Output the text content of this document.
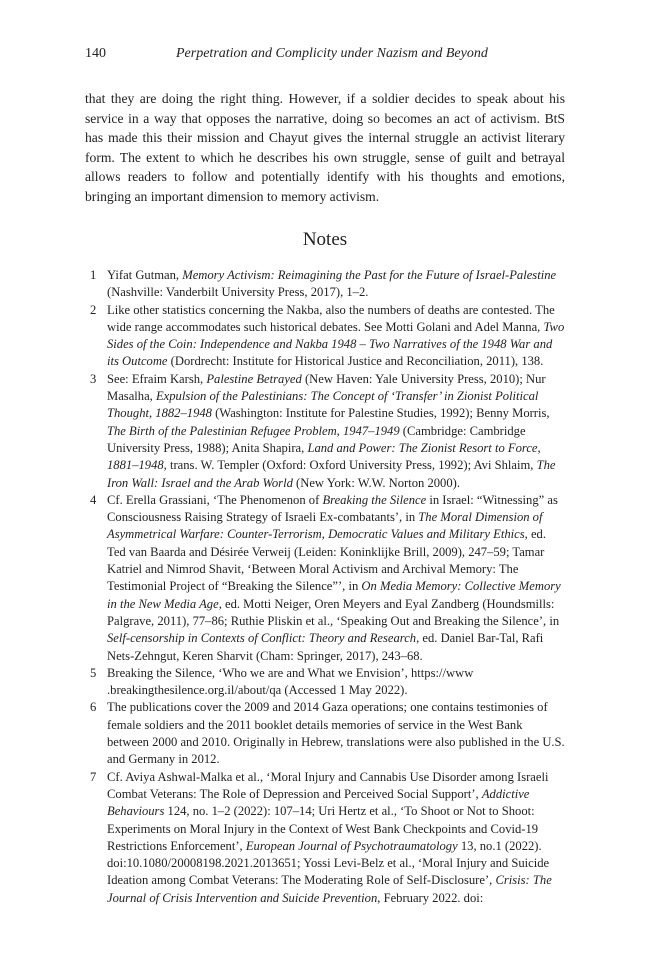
140	Perpetration and Complicity under Nazism and Beyond

that they are doing the right thing. However, if a soldier decides to speak about his service in a way that opposes the narrative, doing so becomes an act of activism. BtS has made this their mission and Chayut gives the internal struggle an activist literary form. The extent to which he describes his own struggle, sense of guilt and betrayal allows readers to follow and potentially identify with his thoughts and emotions, bringing an important dimension to memory activism.

Notes
1 Yifat Gutman, Memory Activism: Reimagining the Past for the Future of Israel-Palestine (Nashville: Vanderbilt University Press, 2017), 1–2.
2 Like other statistics concerning the Nakba, also the numbers of deaths are contested. The wide range accommodates such historical debates. See Motti Golani and Adel Manna, Two Sides of the Coin: Independence and Nakba 1948 – Two Narratives of the 1948 War and its Outcome (Dordrecht: Institute for Historical Justice and Reconciliation, 2011), 138.
3 See: Efraim Karsh, Palestine Betrayed (New Haven: Yale University Press, 2010); Nur Masalha, Expulsion of the Palestinians: The Concept of ‘Transfer’ in Zionist Political Thought, 1882–1948 (Washington: Institute for Palestine Studies, 1992); Benny Morris, The Birth of the Palestinian Refugee Problem, 1947–1949 (Cambridge: Cambridge University Press, 1988); Anita Shapira, Land and Power: The Zionist Resort to Force, 1881–1948, trans. W. Templer (Oxford: Oxford University Press, 1992); Avi Shlaim, The Iron Wall: Israel and the Arab World (New York: W.W. Norton 2000).
4 Cf. Erella Grassiani, ‘The Phenomenon of Breaking the Silence in Israel: “Witnessing” as Consciousness Raising Strategy of Israeli Ex-combatants’, in The Moral Dimension of Asymmetrical Warfare: Counter-Terrorism, Democratic Values and Military Ethics, ed. Ted van Baarda and Désirée Verweij (Leiden: Koninklijke Brill, 2009), 247–59; Tamar Katriel and Nimrod Shavit, ‘Between Moral Activism and Archival Memory: The Testimonial Project of “Breaking the Silence”’, in On Media Memory: Collective Memory in the New Media Age, ed. Motti Neiger, Oren Meyers and Eyal Zandberg (Houndsmills: Palgrave, 2011), 77–86; Ruthie Pliskin et al., ‘Speaking Out and Breaking the Silence’, in Self-censorship in Contexts of Conflict: Theory and Research, ed. Daniel Bar-Tal, Rafi Nets-Zehngut, Keren Sharvit (Cham: Springer, 2017), 243–68.
5 Breaking the Silence, ‘Who we are and What we Envision’, https://www .breakingthesilence.org.il/about/qa (Accessed 1 May 2022).
6 The publications cover the 2009 and 2014 Gaza operations; one contains testimonies of female soldiers and the 2011 booklet details memories of service in the West Bank between 2000 and 2010. Originally in Hebrew, translations were also published in the U.S. and Germany in 2012.
7 Cf. Aviya Ashwal-Malka et al., ‘Moral Injury and Cannabis Use Disorder among Israeli Combat Veterans: The Role of Depression and Perceived Social Support’, Addictive Behaviours 124, no. 1–2 (2022): 107–14; Uri Hertz et al., ‘To Shoot or Not to Shoot: Experiments on Moral Injury in the Context of West Bank Checkpoints and Covid-19 Restrictions Enforcement’, European Journal of Psychotraumatology 13, no.1 (2022). doi:10.1080/20008198.2021.2013651; Yossi Levi-Belz et al., ‘Moral Injury and Suicide Ideation among Combat Veterans: The Moderating Role of Self-Disclosure’, Crisis: The Journal of Crisis Intervention and Suicide Prevention, February 2022. doi:
